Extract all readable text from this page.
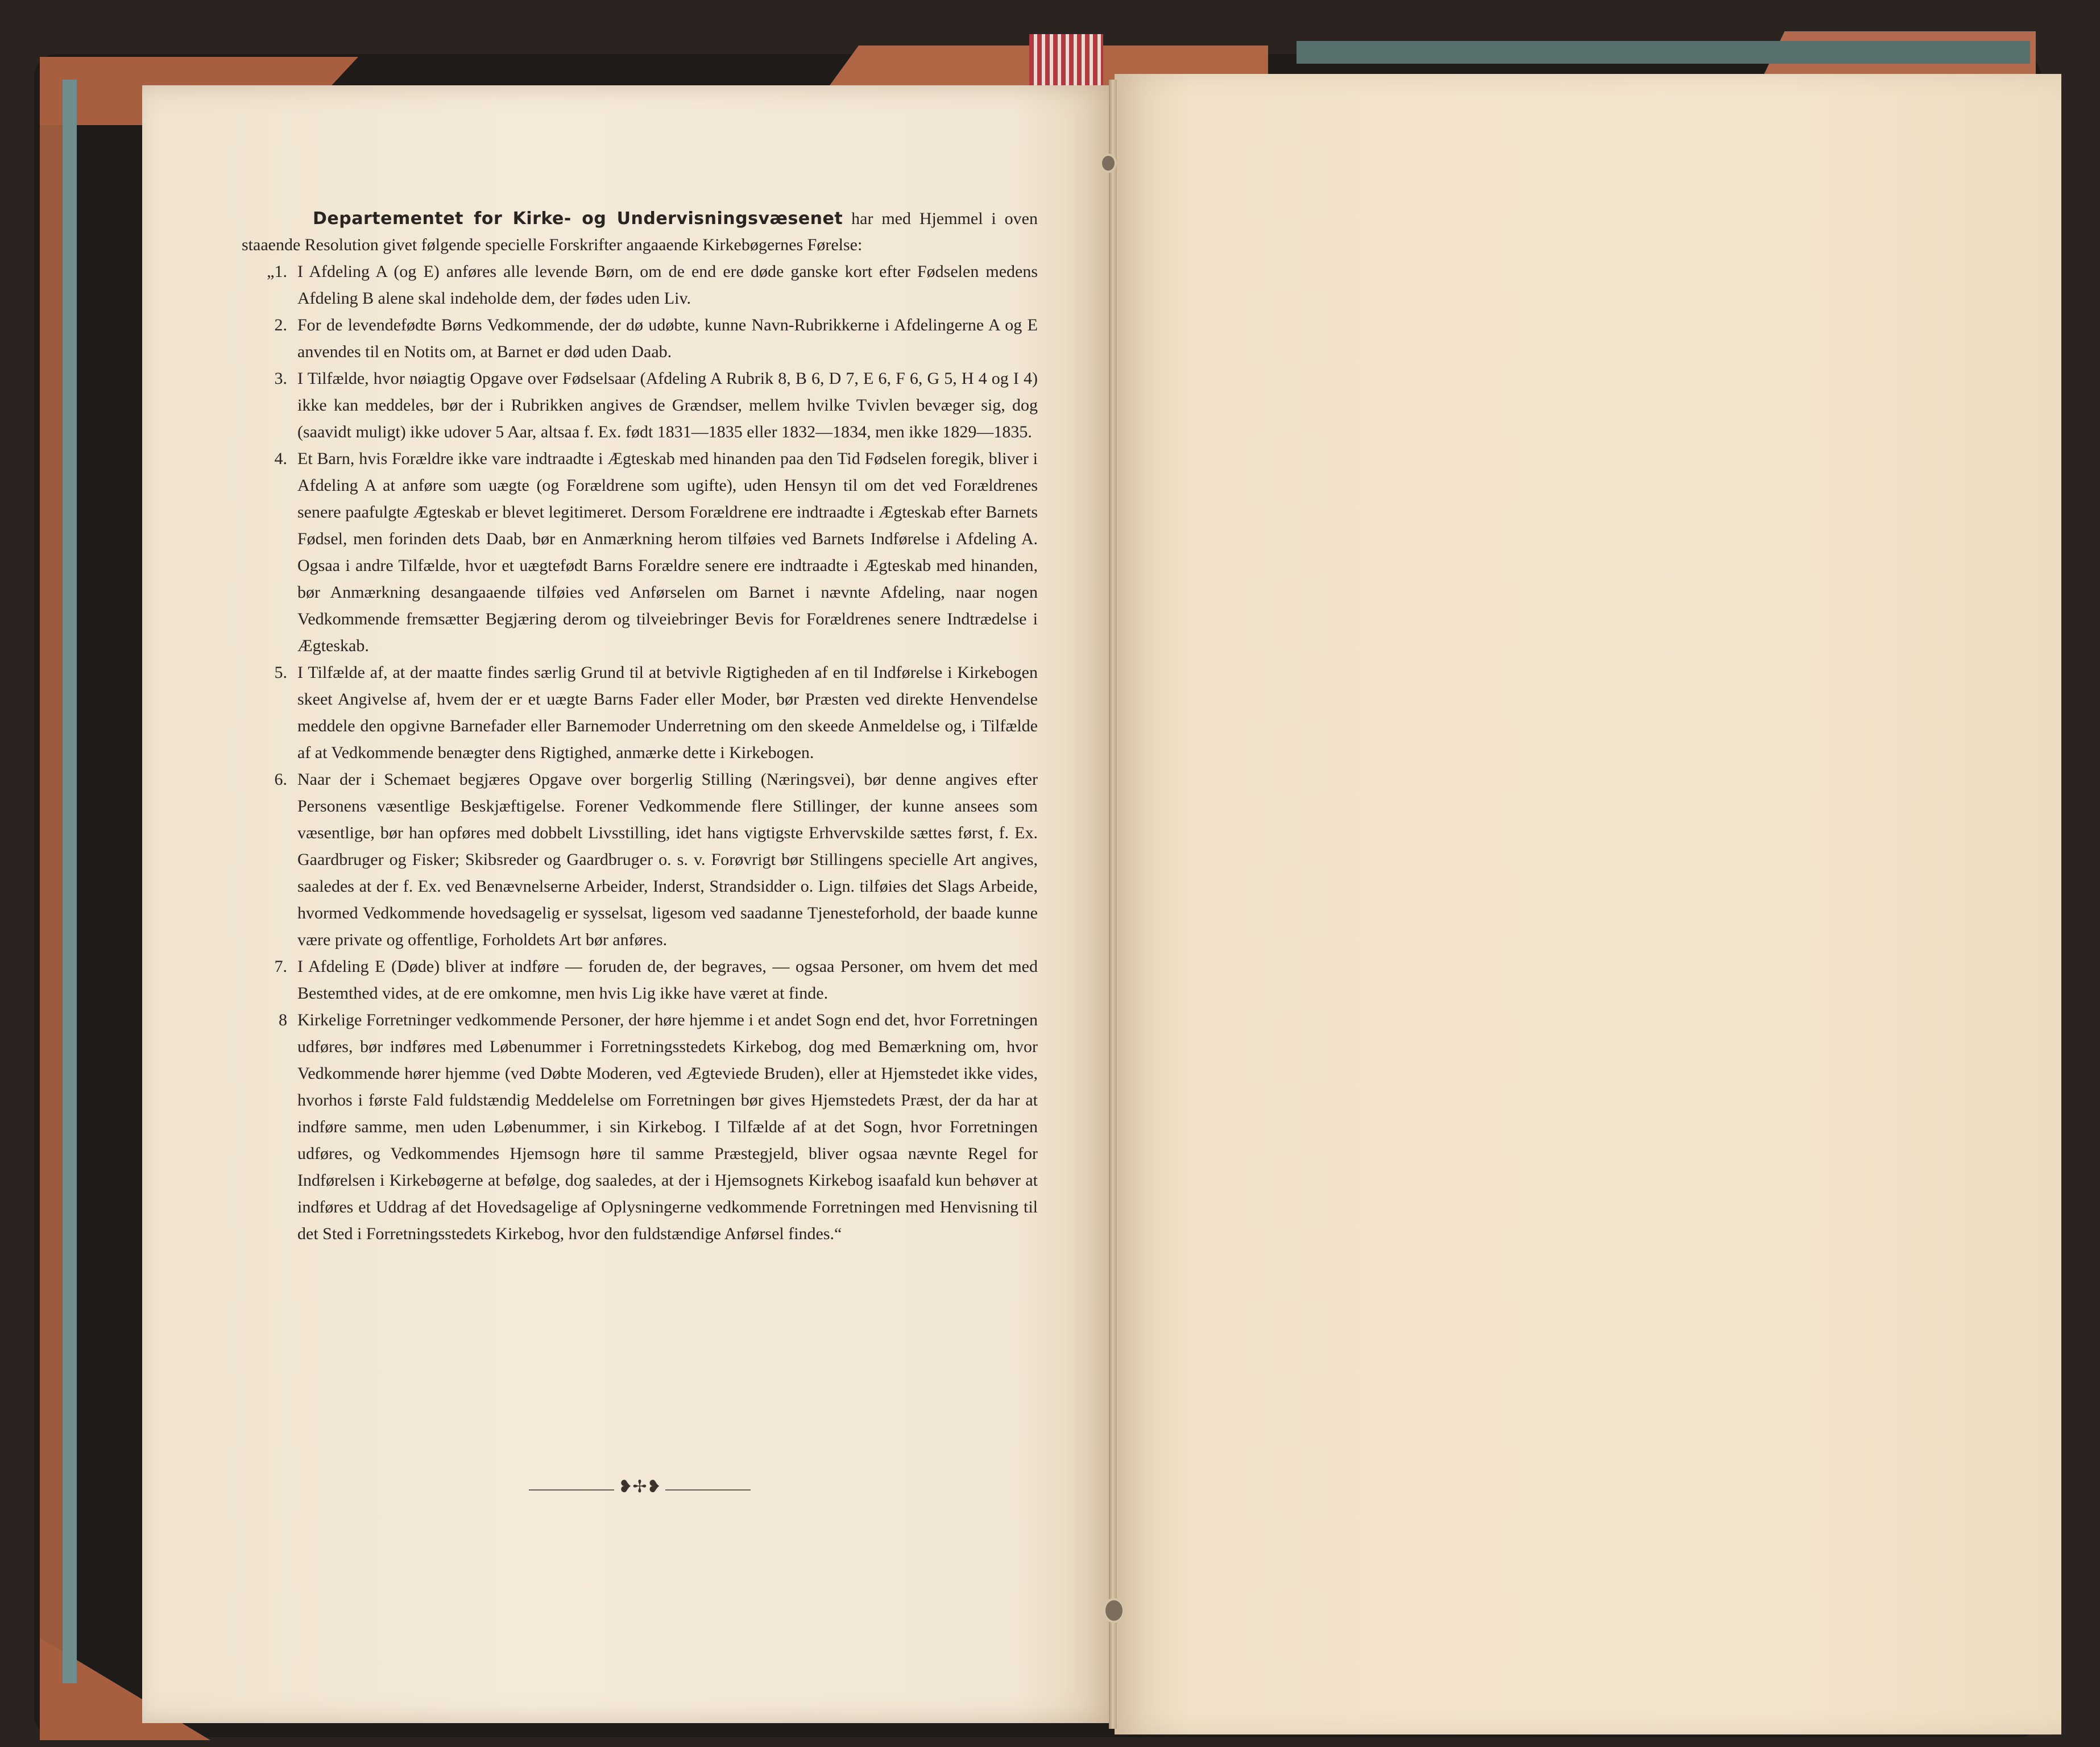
Departementet for Kirke- og Undervisningsvæsenet har med Hjemmel i oven staaende Resolution givet følgende specielle Forskrifter angaaende Kirkebøgernes Førelse:

„1. I Afdeling A (og E) anføres alle levende Børn, om de end ere døde ganske kort efter Fødselen medens Afdeling B alene skal indeholde dem, der fødes uden Liv.
2. For de levendefødte Børns Vedkommende, der dø udøbte, kunne Navn-Rubrikkerne i Afdelingerne A og E anvendes til en Notits om, at Barnet er død uden Daab.
3. I Tilfælde, hvor nøiagtig Opgave over Fødselsaar (Afdeling A Rubrik 8, B 6, D 7, E 6, F 6, G 5, H 4 og I 4) ikke kan meddeles, bør der i Rubrikken angives de Grændser, mellem hvilke Tvivlen bevæger sig, dog (saavidt muligt) ikke udover 5 Aar, altsaa f. Ex. født 1831—1835 eller 1832—1834, men ikke 1829—1835.
4. Et Barn, hvis Forældre ikke vare indtraadte i Ægteskab med hinanden paa den Tid Fødselen foregik, bliver i Afdeling A at anføre som uægte (og Forældrene som ugifte), uden Hensyn til om det ved Forældrenes senere paafulgte Ægteskab er blevet legitimeret. Dersom Forældrene ere indtraadte i Ægteskab efter Barnets Fødsel, men forinden dets Daab, bør en Anmærkning herom tilføies ved Barnets Indførelse i Afdeling A. Ogsaa i andre Tilfælde, hvor et uægtefødt Barns Forældre senere ere indtraadte i Ægteskab med hinanden, bør Anmærkning desangaaende tilføies ved Anførselen om Barnet i nævnte Afdeling, naar nogen Vedkommende fremsætter Begjæring derom og tilveiebringer Bevis for Forældrenes senere Indtrædelse i Ægteskab.
5. I Tilfælde af, at der maatte findes særlig Grund til at betvivle Rigtigheden af en til Indførelse i Kirkebogen skeet Angivelse af, hvem der er et uægte Barns Fader eller Moder, bør Præsten ved direkte Henvendelse meddele den opgivne Barnefader eller Barnemoder Underretning om den skeede Anmeldelse og, i Tilfælde af at Vedkommende benægter dens Rigtighed, anmærke dette i Kirkebogen.
6. Naar der i Schemaet begjæres Opgave over borgerlig Stilling (Næringsvei), bør denne angives efter Personens væsentlige Beskjæftigelse. Forener Vedkommende flere Stillinger, der kunne ansees som væsentlige, bør han opføres med dobbelt Livsstilling, idet hans vigtigste Erhvervskilde sættes først, f. Ex. Gaardbruger og Fisker; Skibsreder og Gaardbruger o. s. v. Forøvrigt bør Stillingens specielle Art angives, saaledes at der f. Ex. ved Benævnelserne Arbeider, Inderst, Strandsidder o. Lign. tilføies det Slags Arbeide, hvormed Vedkommende hovedsagelig er sysselsat, ligesom ved saadanne Tjenesteforhold, der baade kunne være private og offentlige, Forholdets Art bør anføres.
7. I Afdeling E (Døde) bliver at indføre — foruden de, der begraves, — ogsaa Personer, om hvem det med Bestemthed vides, at de ere omkomne, men hvis Lig ikke have været at finde.
8 Kirkelige Forretninger vedkommende Personer, der høre hjemme i et andet Sogn end det, hvor Forretningen udføres, bør indføres med Løbenummer i Forretningsstedets Kirkebog, dog med Bemærkning om, hvor Vedkommende hører hjemme (ved Døbte Moderen, ved Ægteviede Bruden), eller at Hjemstedet ikke vides, hvorhos i første Fald fuldstændig Meddelelse om Forretningen bør gives Hjemstedets Præst, der da har at indføre samme, men uden Løbenummer, i sin Kirkebog. I Tilfælde af at det Sogn, hvor Forretningen udføres, og Vedkommendes Hjemsogn høre til samme Præstegjeld, bliver ogsaa nævnte Regel for Indførelsen i Kirkebøgerne at befølge, dog saaledes, at der i Hjemsognets Kirkebog isaafald kun behøver at indføres et Uddrag af det Hovedsagelige af Oplysningerne vedkommende Forretningen med Henvisning til det Sted i Forretningsstedets Kirkebog, hvor den fuldstændige Anførsel findes.“
❥✢❥
